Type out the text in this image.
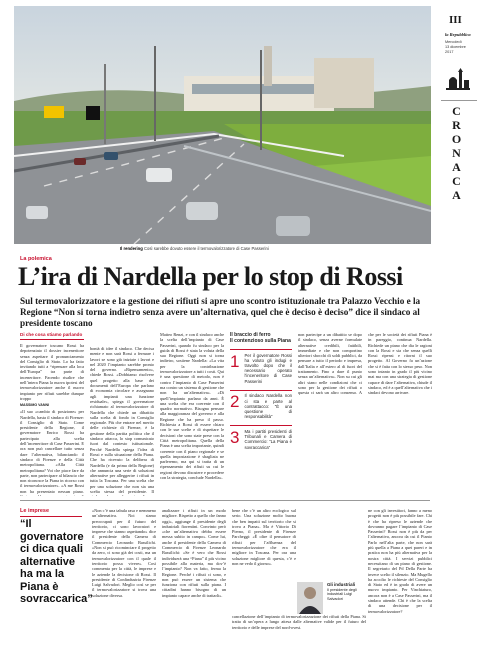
Il rendering Così sarebbe dovuto essere il termovalorizzatore di Case Passerini
III
la Repubblica
Mercoledì
13 dicembre
2017
C
R
O
N
A
C
A
La polemica
L’ira di Nardella per lo stop di Rossi
Sul termovalorizzatore e la gestione dei rifiuti si apre uno scontro istituzionale tra Palazzo Vecchio e la Regione “Non si torna indietro senza avere un’alternativa, quel che è deciso è deciso” dice il sindaco al presidente toscano
Di che cosa stiamo parlando

Il governatore toscano Rossi ha depotenziato il dossier inceneritore senza aspettare il pronunciamento del Consiglio di Stato. Lo ha fatto invitando tutti a “ripensare alla loca dell’Europa” tra parte di inceneritore. Facendo risalire che nell’intera Piana la nuova ipotesi del termovalorizzatore anche il nuovo impianto per rifiuti sarebbe dunque troppo

MASSIMO VANNI

«Il suo «cambio di posizione» per Nardella, basta il sindaco di Firenze: il Consiglio di Stato. Come presidente della Regione, il governatore Enrico Rossi ha partecipato alla scelta dell’inceneritore di Case Passerini. E ora non può cancellare tutto senza dare l’alternativa, bilanciando il sindaco di Firenze e della Città metropolitana. «Alla Città metropolitana? Voi che piace fare da parte, non partecipare al bilancio che non riconosce la Piana in ricorso con il termovalorizzatore». «A me Rossi non ha presentato nessun piano.

bontà di idee il sindaco. Che decisa mente e non sarà Rossi a fermare i lavori se sono già iniziate i lavori e nel 2020 l’impianto sarebbe pronto del governo. «Ripensamento», chiede Rossi. «Dobbiamo risolvere quel progetto alla base dei documenti dell’Europa che parlano di economia circolare e assegnano agli impianti una funzione residuale», spiega il governatore richiamato al termovalorizzatore di Nardella che chiede un dibattito sulla scelta di fondo in Consiglio regionale. Più che entrare nel merito delle richieste di Firenze, è la gestione della partita politica che il sindaco attacca, lo stop comunicato fuori dal contesto istituzionale. Perché Nardella spiega l’idea di Rossi e sulla situazione della Piana. Che ha ricevuto la delibera di Nardella (e da prima della Regione) che annuncia una serie di soluzioni alternative per alleggerire i rifiuti in tutta la Toscana. Per una scelta che per una soluzione che non sia una scelta stessa del presidente. Il

Matteo Renzi, e con il sindaco anche la scelta dell’impianto di Case Passerini, quando fu sindaco per la guida di Rossi è stata la voluta della sua Regione. Oggi non si torna indietro, sostiene Nardella: «La vita per la contribuzione termovalorizzatore a tutti i costi. Qui è una questione di metodo, non è contro l’impianto di Case Passerini ma contro un sistema di gestione che non ha un’alternativa». «Di quell’impianto parlano da anni. È una scelta che era coerente con il quadro normativo. Bisogna pensare alla maggioranza del governo e alla Regione che ha preso il passo. Richiesta a Rossi di essere chiaro con le sue scelte e di rispettare le decisioni che sono state prese con la Città metropolitana. Quella della Piana è una scelta importante, quindi coerente con il piano regionale e se quella impostazione è sbagliata ne parleremo, ma qui si tratta di un ripensamento dei rifiuti su cui le regioni devono discutere e procedere con la strategia, conclude Nardella».

Il braccio di ferro
Il contenzioso sulla Piana
1 Per il governatore Rossi ha voluto gli indugi e travolto dopo che il necessario operato l’inceneritore di Case Passerini
2 Il sindaco Nardella non ci sta e parte al contrattacco: “È una questione di responsabilità”
3 Ma i partiti presidenti di Tribunali e Camera di Commercio: “La Piana è sovraccarica”

non partecipe a un dibattito se dopo il sindaco, senza averne formulate alternative credibili, fattibili, immediate e che non comportino ulteriori sbocchi di soldi pubblici, da pensare a tutto il periodo e impresa, dall’Italia e all’estero al di fuori del trattamento. Fino a dare il punto senza un’alternativa». Non su cui gli altri siano nelle condizioni che ci sono per la gestione dei rifiuti o questa ci sarà un altro consenso. A che per le società dei rifiuti Piana è in pareggio, continua Nardella. Richiede un piano che dia le ragioni con la Rossi e sia che senza quelli Rossi ripensi e ritorni il suo progetto. Al Governo fa un’azione che si è fatta con lo stesso peso. Non sono intanto in grado il più vicino mai ma con una strategia di gestione capace di dare l’alternativa, chiude il sindaco, ed è a quell’alternativa che i sindaci devono arrivare.

Le imprese
“Il governatore ci dica quali alternative ha ma la Piana è sovraccarica”

«Non c’è una tabula rasa e nemmeno un’alternativa. Noi siamo preoccupati per il futuro del territorio, ci sono lavoratori e imprese che stanno aspettando» dice il presidente della Camera di Commercio Leonardo Bassilichi. «Non si può ricominciare il progetto da zero, ci sono già dei costi, ma un termovalorizzatore con il quale il territorio possa vivere». Così commenta per la città, le imprese e le aziende la decisione di Rossi. Il presidente di Confindustria Firenze Luigi Salvadori. Meglio così se per il termovalorizzatore si trova una soluzione diversa.

analizzare i rifiuti in un modo migliore. Rispetto a quello che fanno oggi», aggiunge il presidente degli industriali fiorentini. Convinto però «che un’alternativa debba essere messa subito in campo». Come lui, anche il presidente della Camera di Commercio di Firenze Leonardo Bassilichi: «Se è vero che Rossi individuerà una “Piana” il più vicino possibile alla materia, ma dov’è l’impianto? Non va fatto, ferma la Regione. Perché i rifiuti ci sono, e non può essere un sistema che funziona con rifiuti sulla piana. I cittadini hanno bisogno di un impianto capace anche di trattarli».

bene che c’è un altro ecologico sul serio. Una soluzione molto buona che ben impatti sul territorio che si trova a Piana». Ma è Vittorio Di Pierno, il presidente di Firenze Parcheggi: «È oltre il pensatore di rifiuti per l’affluenza del termovalorizzatore che era il migliore in Toscana. Per ora una soluzione migliore di questa, c’è e non ne vedo il giorno».

Gli industriali
Il presidente degli industriali Luigi Salvadori

cancellazione dell’impianto di termovalorizzazione dei rifiuti della Piana. Si tratta di un’opera a lungo attesa dalle alternative valide per il futuro del territorio e delle imprese del nord-ovest.

ne con gli investitori, fanno a meno progetti non è più possibile fare. Chi è che ha ripreso le aziende che dovranno pagare l’impianto di Case Passerini? Rossi non è più da per l’alternativa, ancora da cui il Pianto Parlo nell’alta parte, che non sarà più quella a Piana a quei pareri e in pratica non ha più alternativa per la nostra città. I servizi pubblici necessitano di un piano di gestione. Il segretario del Pd Della Parte ha invece scelto il silenzio. Ma Mugello ha accolto le richieste del Consiglio di Stato ed è in grado di avere un nuovo impianto. Per Vinchiaturo, ancora non è a Case Passerini, ma il sindaco attende. Chi è che la scelta di una decisione per il termovalorizzatore?
